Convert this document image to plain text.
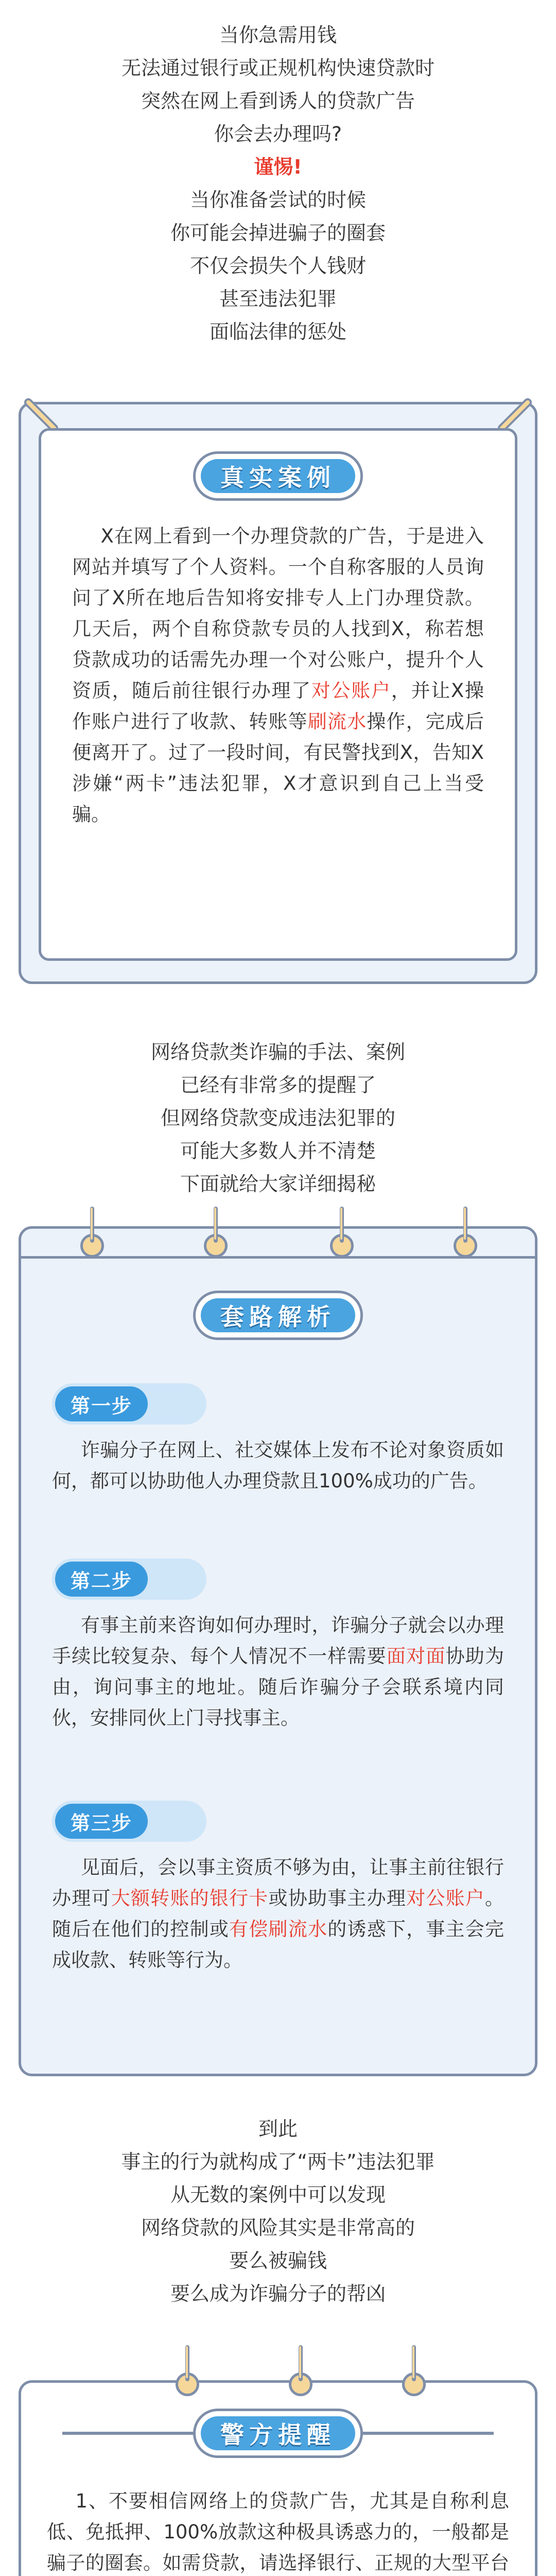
当你急需用钱
无法通过银行或正规机构快速贷款时
突然在网上看到诱人的贷款广告
你会去办理吗?
谨惕!
当你准备尝试的时候
你可能会掉进骗子的圈套
不仅会损失个人钱财
甚至违法犯罪
面临法律的惩处
真实案例
  X在网上看到一个办理贷款的广告，于是进入网站并填写了个人资料。一个自称客服的人员询问了X所在地后告知将安排专人上门办理贷款。几天后，两个自称贷款专员的人找到X，称若想贷款成功的话需先办理一个对公账户，提升个人资质，随后前往银行办理了对公账户，并让X操作账户进行了收款、转账等刷流水操作，完成后便离开了。过了一段时间，有民警找到X，告知X涉嫌“两卡”违法犯罪，X才意识到自己上当受骗。
网络贷款类诈骗的手法、案例
已经有非常多的提醒了
但网络贷款变成违法犯罪的
可能大多数人并不清楚
下面就给大家详细揭秘
套路解析
第一步
  诈骗分子在网上、社交媒体上发布不论对象资质如何，都可以协助他人办理贷款且100%成功的广告。
第二步
  有事主前来咨询如何办理时，诈骗分子就会以办理手续比较复杂、每个人情况不一样需要面对面协助为由，询问事主的地址。随后诈骗分子会联系境内同伙，安排同伙上门寻找事主。
第三步
  见面后，会以事主资质不够为由，让事主前往银行办理可大额转账的银行卡或协助事主办理对公账户。随后在他们的控制或有偿刷流水的诱惑下，事主会完成收款、转账等行为。
到此
事主的行为就构成了“两卡”违法犯罪
从无数的案例中可以发现
网络贷款的风险其实是非常高的
要么被骗钱
要么成为诈骗分子的帮凶
警方提醒
  1、不要相信网络上的贷款广告，尤其是自称利息低、免抵押、100%放款这种极具诱惑力的，一般都是骗子的圈套。如需贷款，请选择银行、正规的大型平台
